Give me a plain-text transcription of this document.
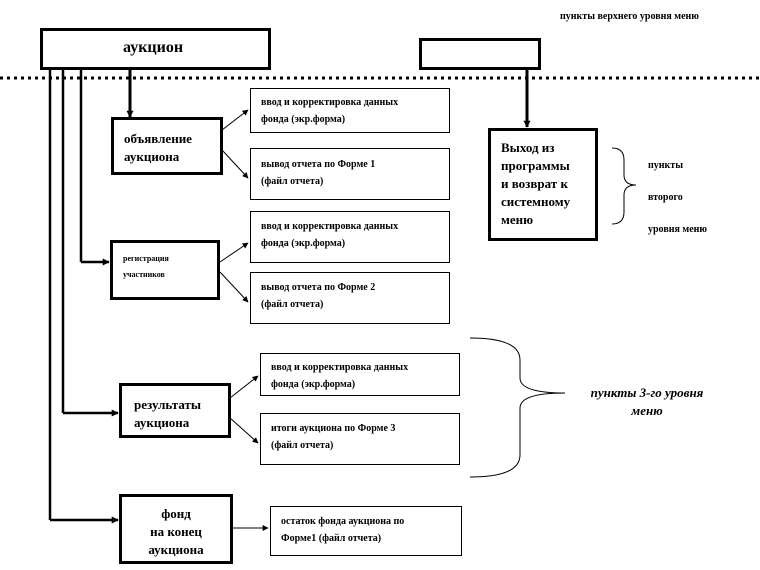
пункты верхнего уровня меню
аукцион
объявление
аукциона
регистрация
участников
результаты
аукциона
фонд
на конец
аукциона
Выход из
программы
и возврат к
системному
меню
ввод и корректировка данных
фонда (экр.форма)
вывод отчета по Форме 1
(файл отчета)
ввод и корректировка данных
фонда (экр.форма)
вывод отчета по Форме 2
(файл отчета)
ввод и корректировка данных
фонда (экр.форма)
итоги аукциона по Форме 3
(файл отчета)
остаток фонда аукциона по
Форме1 (файл отчета)
пункты
второго
уровня меню
пункты 3-го уровня
меню
